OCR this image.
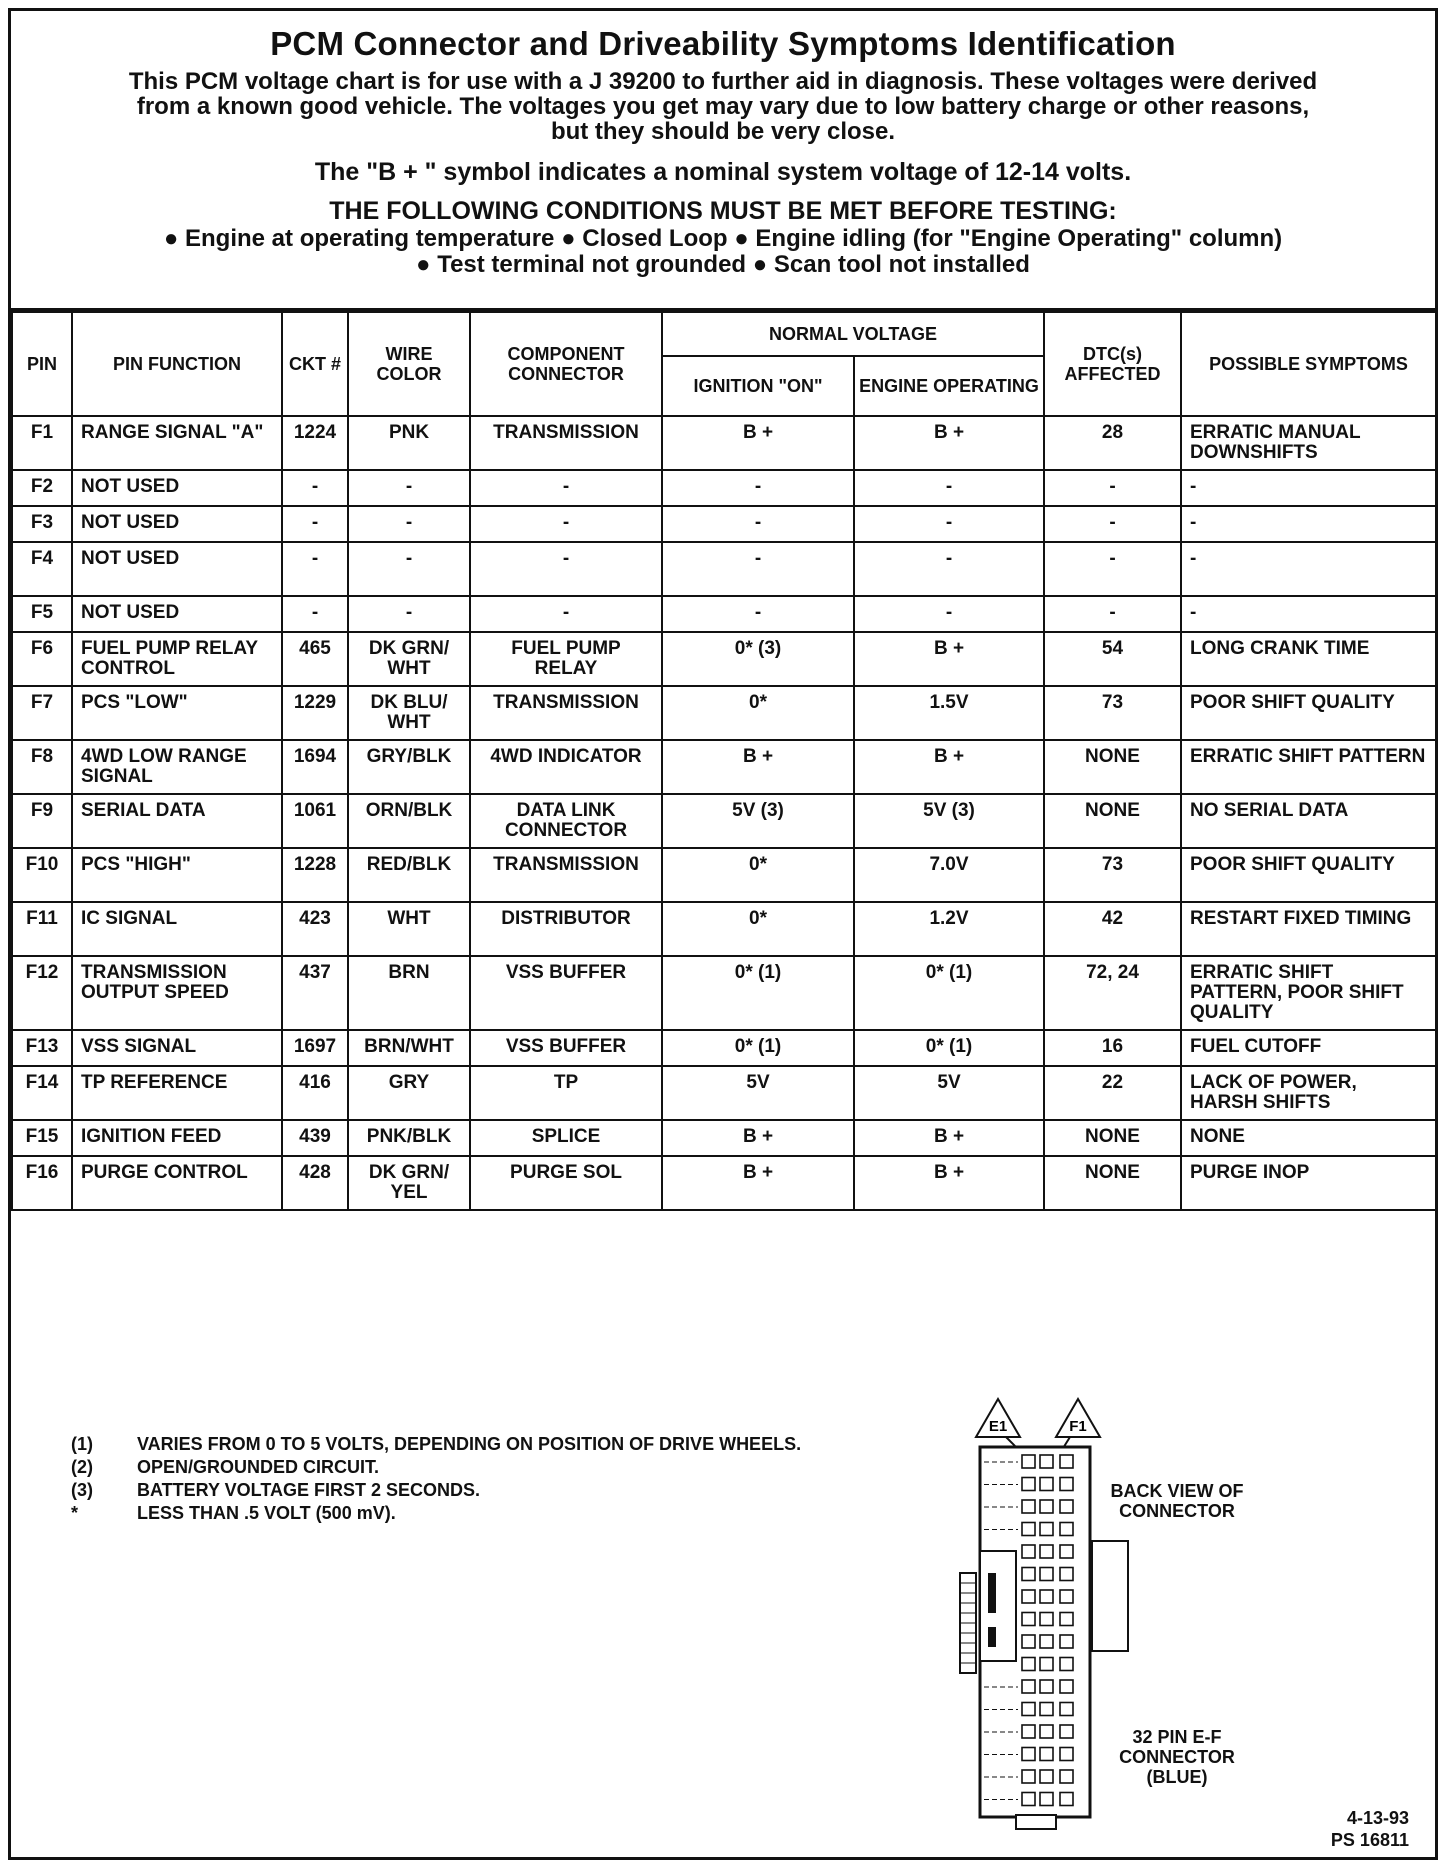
PCM Connector and Driveability Symptoms Identification
This PCM voltage chart is for use with a J 39200 to further aid in diagnosis. These voltages were derived
from a known good vehicle. The voltages you get may vary due to low battery charge or other reasons,
but they should be very close.
The "B + " symbol indicates a nominal system voltage of 12-14 volts.
THE FOLLOWING CONDITIONS MUST BE MET BEFORE TESTING:
● Engine at operating temperature ● Closed Loop ● Engine idling (for "Engine Operating" column)
● Test terminal not grounded ● Scan tool not installed
PIN	PIN FUNCTION	CKT #	WIRE COLOR	COMPONENT CONNECTOR	NORMAL VOLTAGE		DTC(s) AFFECTED	POSSIBLE SYMPTOMS
					IGNITION "ON"	ENGINE OPERATING		
F1	RANGE SIGNAL "A"	1224	PNK	TRANSMISSION	B +	B +	28	ERRATIC MANUAL DOWNSHIFTS
F2	NOT USED	-	-	-	-	-	-	-
F3	NOT USED	-	-	-	-	-	-	-
F4	NOT USED	-	-	-	-	-	-	-
F5	NOT USED	-	-	-	-	-	-	-
F6	FUEL PUMP RELAY CONTROL	465	DK GRN/ WHT	FUEL PUMP RELAY	0* (3)	B +	54	LONG CRANK TIME
F7	PCS "LOW"	1229	DK BLU/ WHT	TRANSMISSION	0*	1.5V	73	POOR SHIFT QUALITY
F8	4WD LOW RANGE SIGNAL	1694	GRY/BLK	4WD INDICATOR	B +	B +	NONE	ERRATIC SHIFT PATTERN
F9	SERIAL DATA	1061	ORN/BLK	DATA LINK CONNECTOR	5V (3)	5V (3)	NONE	NO SERIAL DATA
F10	PCS "HIGH"	1228	RED/BLK	TRANSMISSION	0*	7.0V	73	POOR SHIFT QUALITY
F11	IC SIGNAL	423	WHT	DISTRIBUTOR	0*	1.2V	42	RESTART FIXED TIMING
F12	TRANSMISSION OUTPUT SPEED	437	BRN	VSS BUFFER	0* (1)	0* (1)	72, 24	ERRATIC SHIFT PATTERN, POOR SHIFT QUALITY
F13	VSS SIGNAL	1697	BRN/WHT	VSS BUFFER	0* (1)	0* (1)	16	FUEL CUTOFF
F14	TP REFERENCE	416	GRY	TP	5V	5V	22	LACK OF POWER, HARSH SHIFTS
F15	IGNITION FEED	439	PNK/BLK	SPLICE	B +	B +	NONE	NONE
F16	PURGE CONTROL	428	DK GRN/ YEL	PURGE SOL	B +	B +	NONE	PURGE INOP
(1)	VARIES FROM 0 TO 5 VOLTS, DEPENDING ON POSITION OF DRIVE WHEELS.
(2)	OPEN/GROUNDED CIRCUIT.
(3)	BATTERY VOLTAGE FIRST 2 SECONDS.
*	LESS THAN .5 VOLT (500 mV).
E1	F1
BACK VIEW OF CONNECTOR
32 PIN E-F CONNECTOR (BLUE)
4-13-93
PS 16811
